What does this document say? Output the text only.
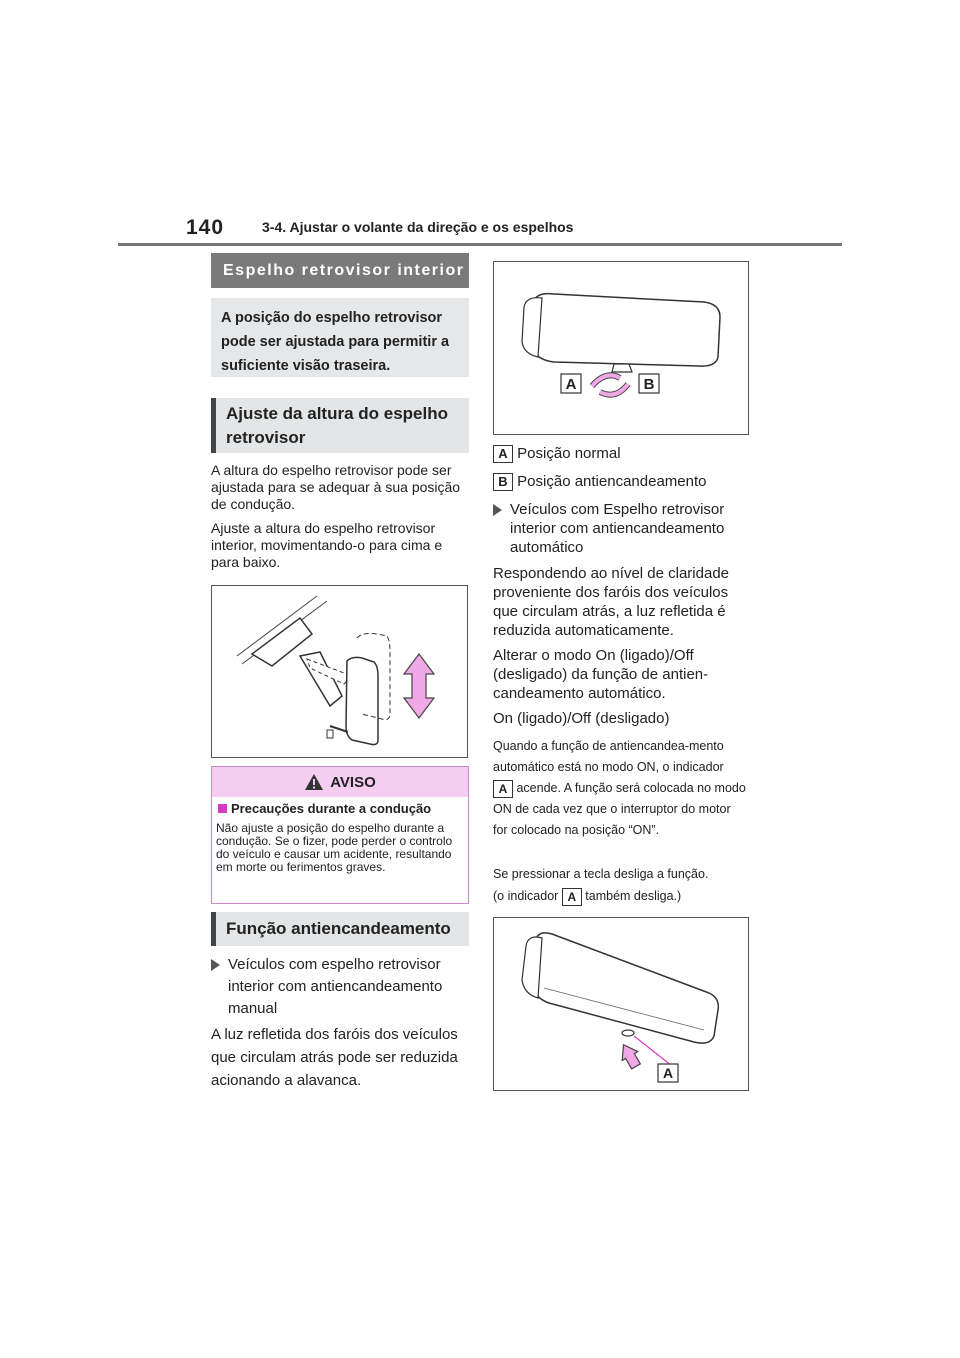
140	3-4. Ajustar o volante da direção e os espelhos
Espelho retrovisor interior
A posição do espelho retrovisor pode ser ajustada para permitir a suficiente visão traseira.
Ajuste da altura do espelho retrovisor
A altura do espelho retrovisor pode ser ajustada para se adequar à sua posição de condução.
Ajuste a altura do espelho retrovisor interior, movimentando-o para cima e para baixo.
AVISO
Precauções durante a condução
Não ajuste a posição do espelho durante a condução. Se o fizer, pode perder o controlo do veículo e causar um acidente, resultando em morte ou ferimentos graves.
Função antiencandeamento
Veículos com espelho retrovisor interior com antiencandeamento manual
A luz refletida dos faróis dos veículos que circulam atrás pode ser reduzida acionando a alavanca.
A	B
A Posição normal
B Posição antiencandeamento
Veículos com Espelho retrovisor interior com antiencandeamento automático
Respondendo ao nível de claridade proveniente dos faróis dos veículos que circulam atrás, a luz refletida é reduzida automaticamente.
Alterar o modo On (ligado)/Off (desligado) da função de antien-candeamento automático.
On (ligado)/Off (desligado)
Quando a função de antiencandea-mento automático está no modo ON, o indicador A acende. A função será colocada no modo ON de cada vez que o interruptor do motor for colocado na posição “ON”.
Se pressionar a tecla desliga a função.
(o indicador A também desliga.)
A
